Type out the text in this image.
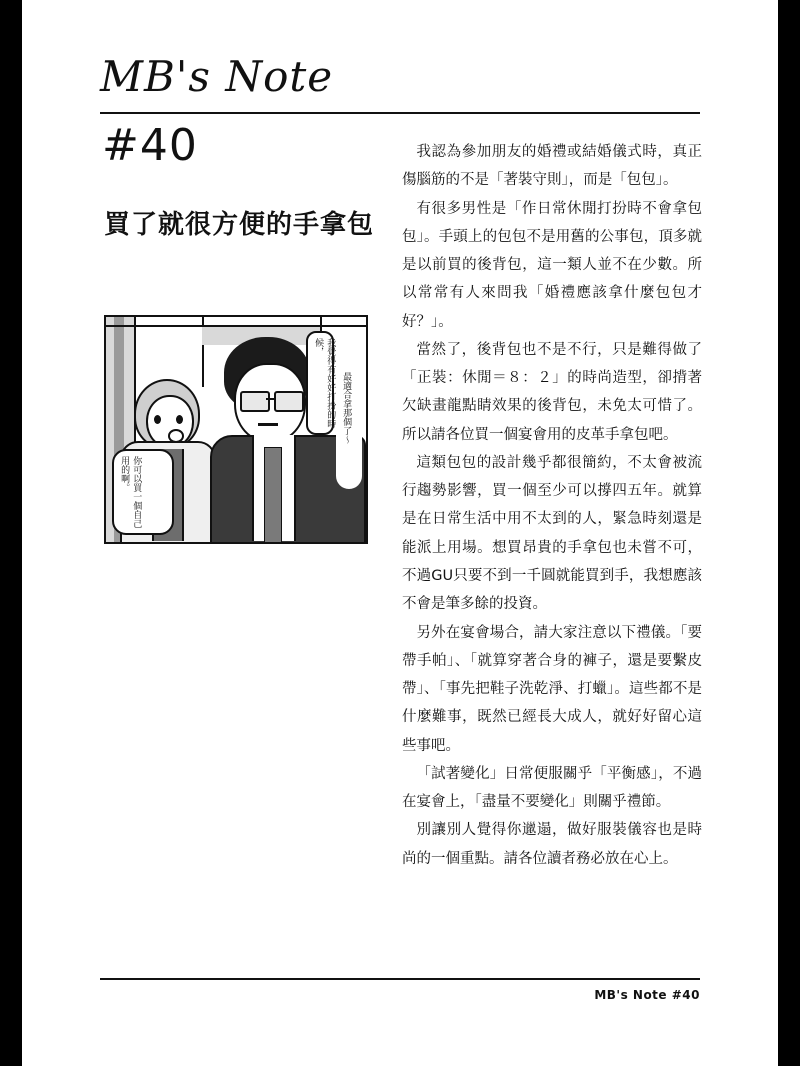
MB's Note
#40
買了就很方便的手拿包
你可以買一個自己用的啊。
我覺得有好好打扮的時候，
最適合拿那個了～

我認為參加朋友的婚禮或結婚儀式時，真正傷腦筋的不是「著裝守則」，而是「包包」。

有很多男性是「作日常休閒打扮時不會拿包包」。手頭上的包包不是用舊的公事包，頂多就是以前買的後背包，這一類人並不在少數。所以常常有人來問我「婚禮應該拿什麼包包才好？」。

當然了，後背包也不是不行，只是難得做了「正裝：休閒＝８：２」的時尚造型，卻揹著欠缺畫龍點睛效果的後背包，未免太可惜了。所以請各位買一個宴會用的皮革手拿包吧。

這類包包的設計幾乎都很簡約，不太會被流行趨勢影響，買一個至少可以撐四五年。就算是在日常生活中用不太到的人，緊急時刻還是能派上用場。想買昂貴的手拿包也未嘗不可，不過GU只要不到一千圓就能買到手，我想應該不會是筆多餘的投資。

另外在宴會場合，請大家注意以下禮儀。「要帶手帕」、「就算穿著合身的褲子，還是要繫皮帶」、「事先把鞋子洗乾淨、打蠟」。這些都不是什麼難事，既然已經長大成人，就好好留心這些事吧。

「試著變化」日常便服關乎「平衡感」，不過在宴會上，「盡量不要變化」則關乎禮節。

別讓別人覺得你邋遢，做好服裝儀容也是時尚的一個重點。請各位讀者務必放在心上。

MB's Note #40
